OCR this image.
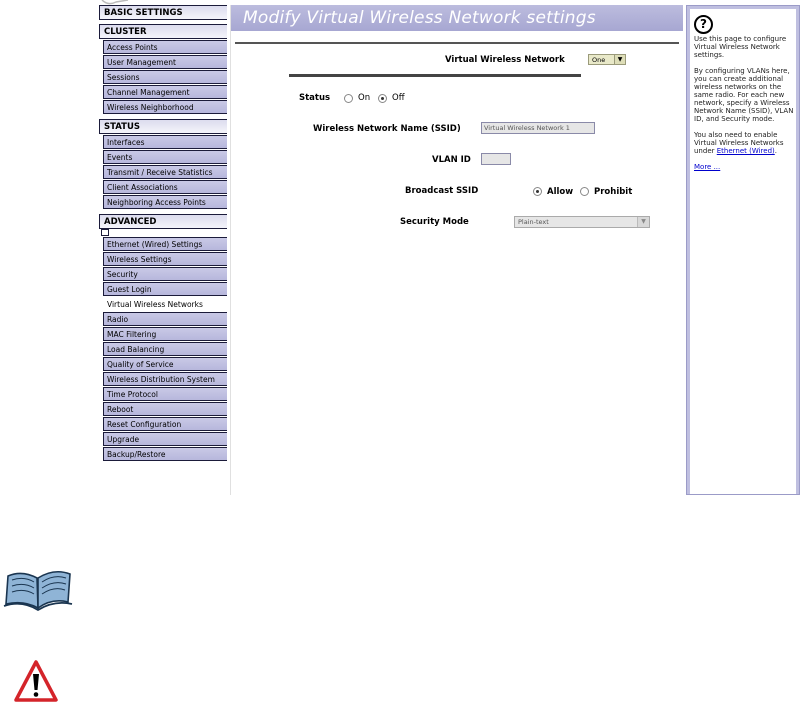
BASIC SETTINGS
CLUSTER
Access Points
User Management
Sessions
Channel Management
Wireless Neighborhood
STATUS
Interfaces
Events
Transmit / Receive Statistics
Client Associations
Neighboring Access Points
ADVANCED
Ethernet (Wired) Settings
Wireless Settings
Security
Guest Login
Virtual Wireless Networks
Radio
MAC Filtering
Load Balancing
Quality of Service
Wireless Distribution System
Time Protocol
Reboot
Reset Configuration
Upgrade
Backup/Restore
Modify Virtual Wireless Network settings
Virtual Wireless Network	One	▼
Status	On	Off
Wireless Network Name (SSID)	Virtual Wireless Network 1
VLAN ID
Broadcast SSID	Allow Prohibit
Security Mode	Plain-text	▼
?

Use this page to configure Virtual Wireless Network settings.

By configuring VLANs here, you can create additional wireless networks on the same radio. For each new network, specify a Wireless Network Name (SSID), VLAN ID, and Security mode.

You also need to enable Virtual Wireless Networks under Ethernet (Wired).

More ...
